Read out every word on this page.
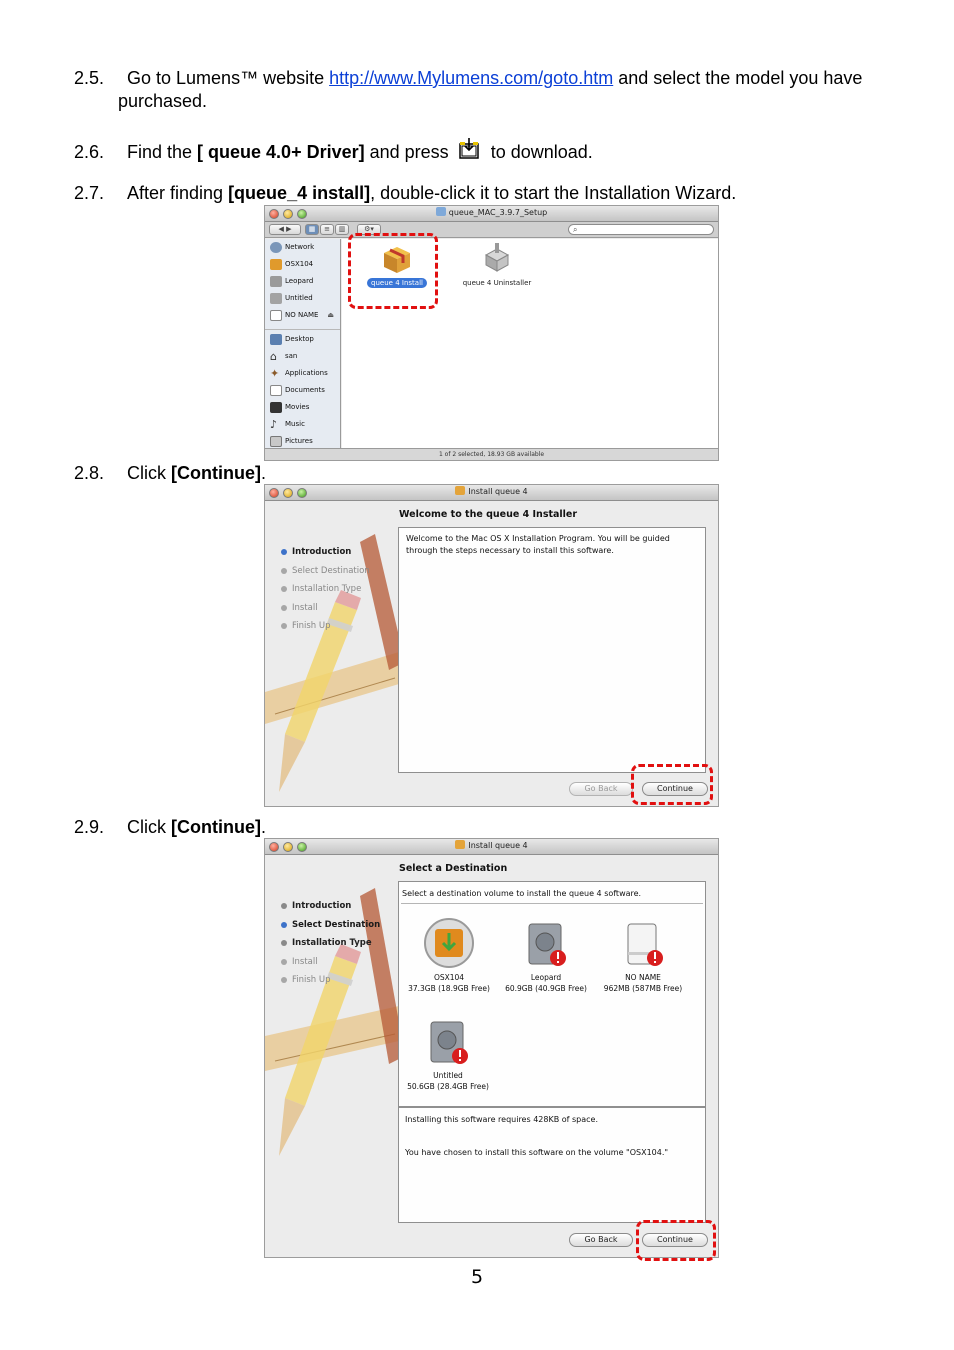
2.5. Go to Lumens™ website http://www.Mylumens.com/goto.htm and select the model you have
purchased.
2.6. Find the [ queue 4.0+ Driver] and press  to download.
2.7. After finding [queue_4 install], double-click it to start the Installation Wizard.
queue_MAC_3.9.7_Setup
◀ ▶	▦	≡	▥	⚙▾	⌕
Network
OSX104
Leopard
Untitled
NO NAME ⏏
Desktop
⌂	san
✦ Applications
Documents
Movies
♪	Music
Pictures
queue 4 Install	queue 4 Uninstaller
1 of 2 selected, 18.93 GB available
2.8. Click [Continue].
Install queue 4
Introduction
Select Destination
Installation Type
Install
Finish Up
Welcome to the queue 4 Installer
Welcome to the Mac OS X Installation Program. You will be guided through the steps necessary to install this software.
Go Back	Continue
2.9. Click [Continue].
Install queue 4
Introduction
Select Destination
Installation Type
Install
Finish Up
Select a Destination
Select a destination volume to install the queue 4 software.
OSX104
37.3GB (18.9GB Free)
Leopard
60.9GB (40.9GB Free)
NO NAME
962MB (587MB Free)
Untitled
50.6GB (28.4GB Free)
Installing this software requires 428KB of space.
You have chosen to install this software on the volume "OSX104."
Go Back	Continue
5
